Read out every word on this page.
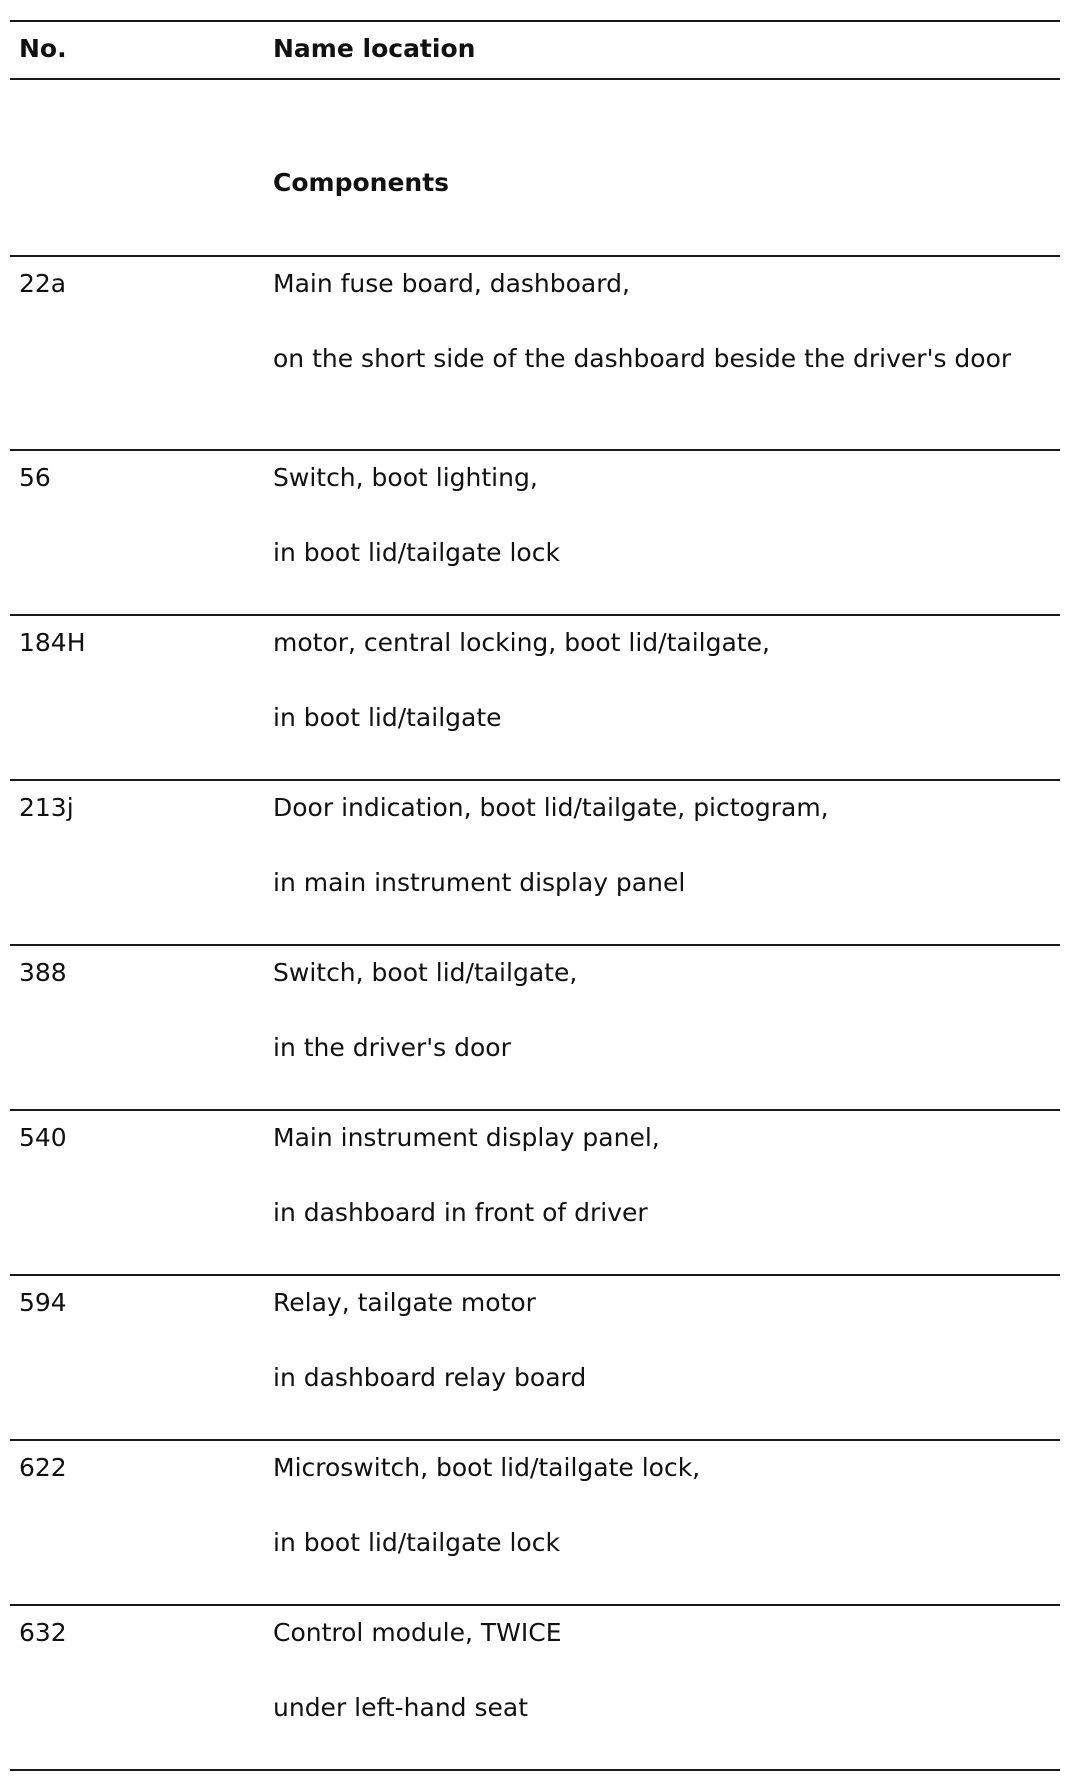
No.	Name location
Components
22a	Main fuse board, dashboard,
on the short side of the dashboard beside the driver's door
56	Switch, boot lighting,
in boot lid/tailgate lock
184H	motor, central locking, boot lid/tailgate,
in boot lid/tailgate
213j	Door indication, boot lid/tailgate, pictogram,
in main instrument display panel
388	Switch, boot lid/tailgate,
in the driver's door
540	Main instrument display panel,
in dashboard in front of driver
594	Relay, tailgate motor
in dashboard relay board
622	Microswitch, boot lid/tailgate lock,
in boot lid/tailgate lock
632	Control module, TWICE
under left-hand seat
